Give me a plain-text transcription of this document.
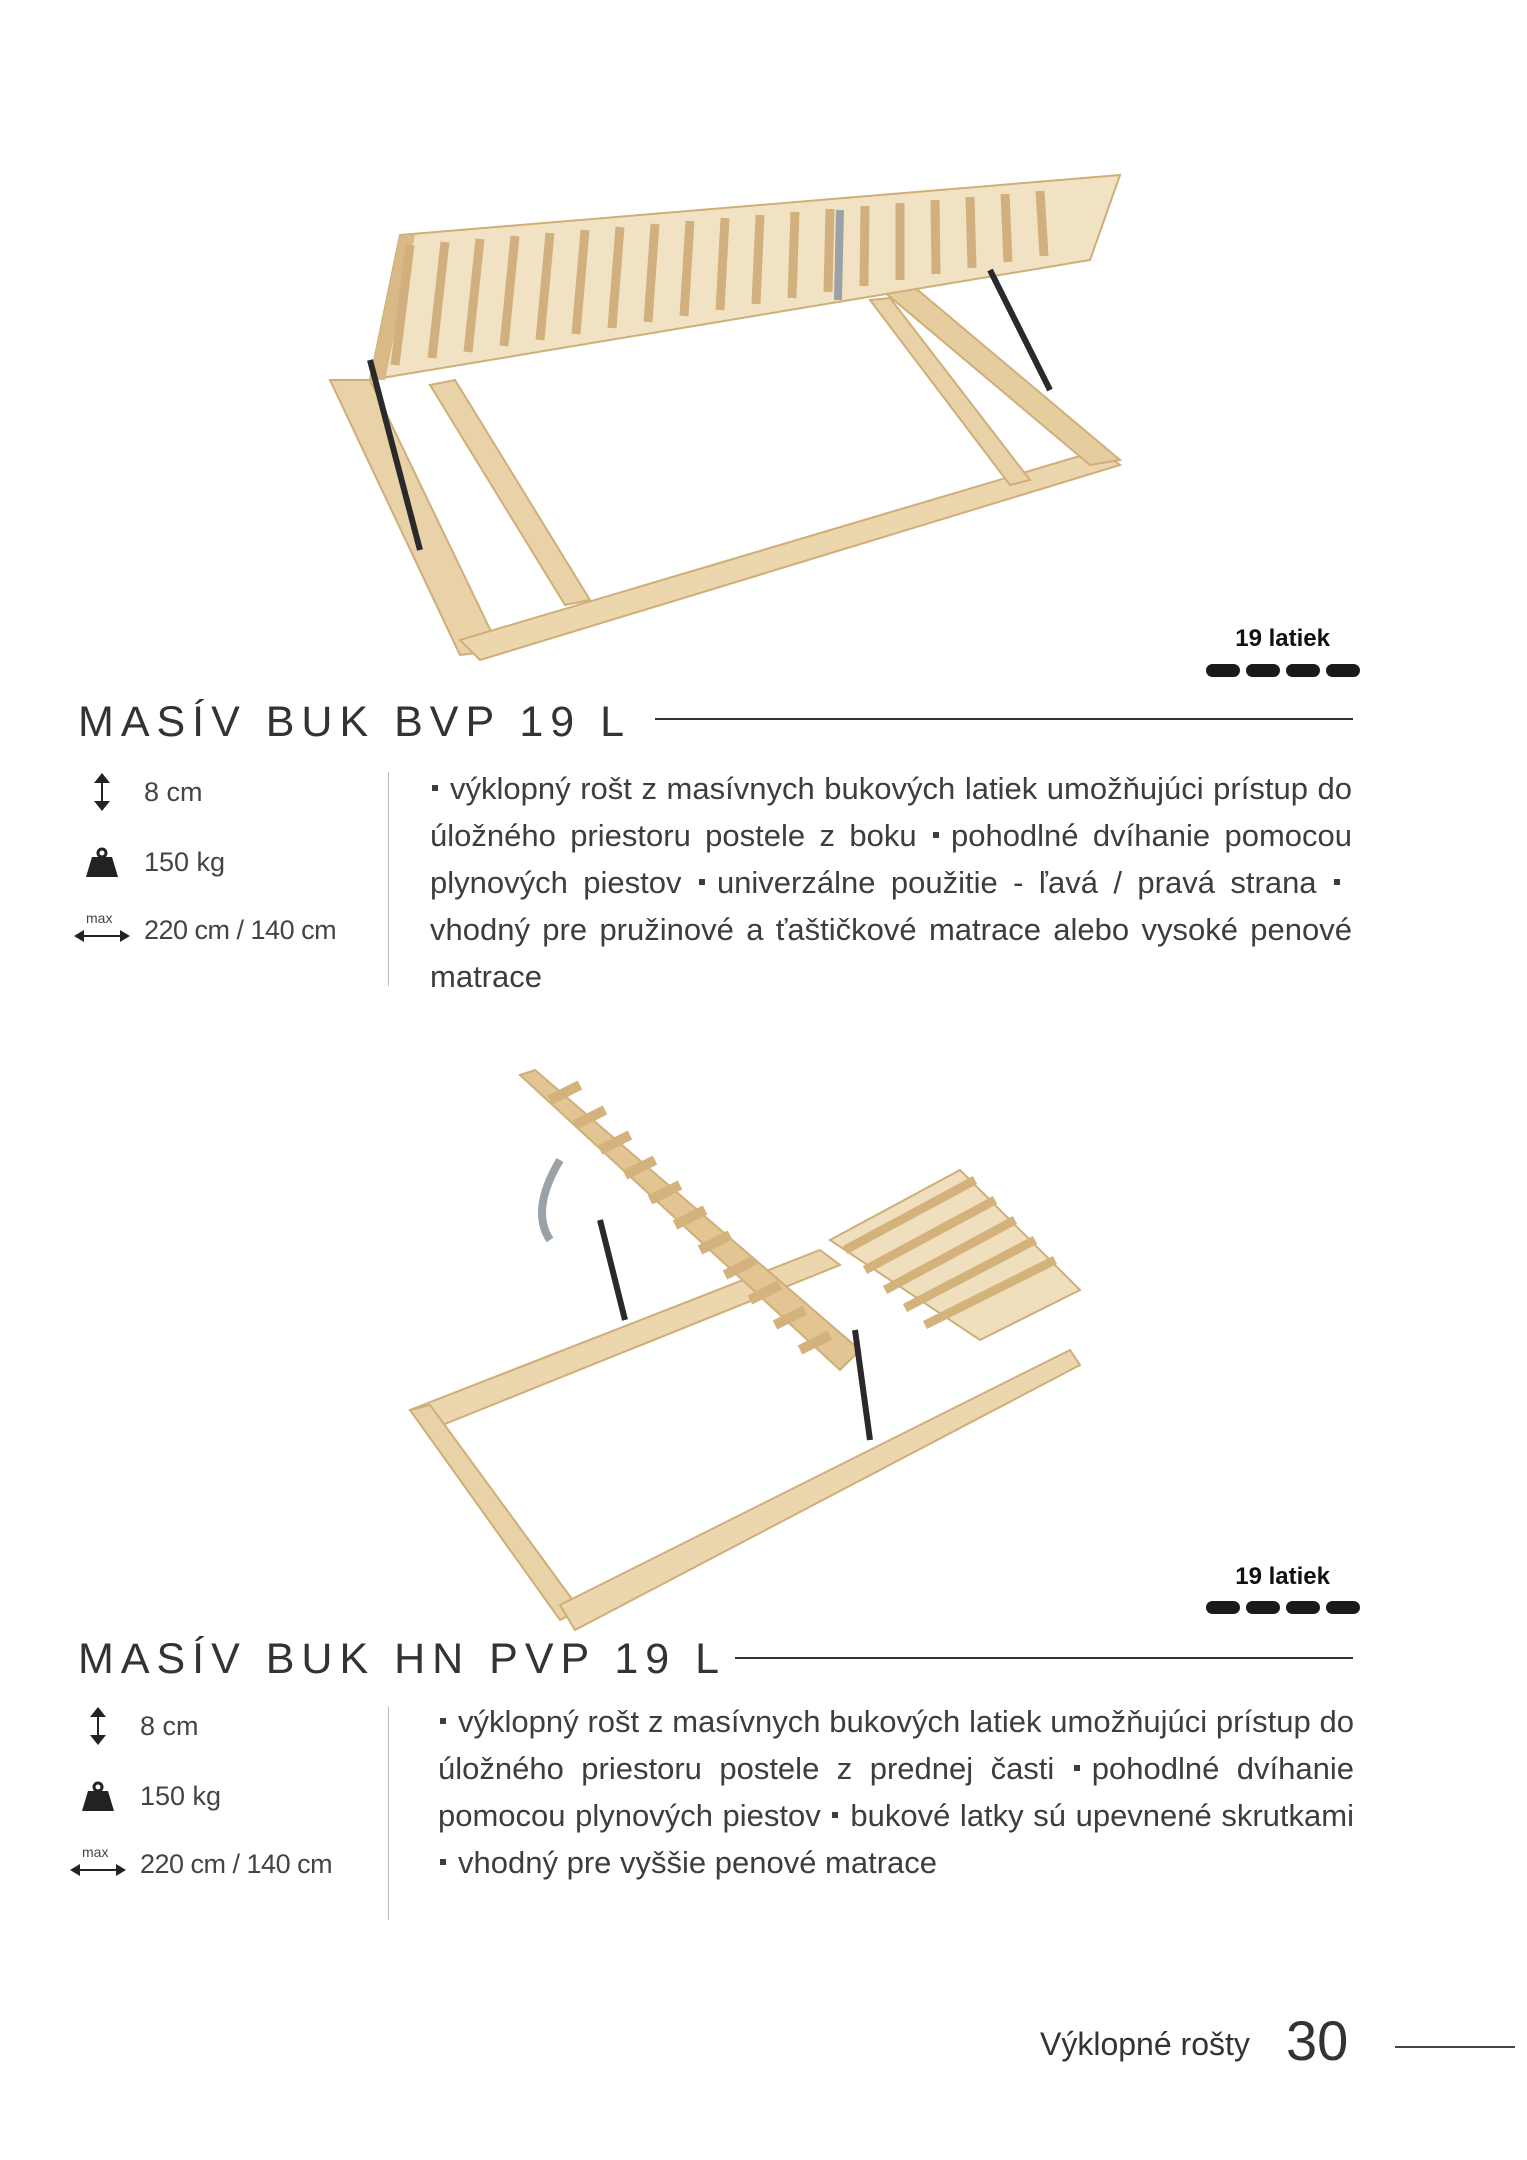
19 latiek
MASÍV BUK BVP 19 L
8 cm
150 kg
max 220 cm / 140 cm

výklopný rošt z masívnych bukových latiek umožňujúci prístup do úložného priestoru postele z boku pohodlné dvíhanie pomocou plynových piestov univerzálne použitie - ľavá / pravá strana vhodný pre pružinové a ťaštičkové matrace alebo vysoké penové matrace

19 latiek
MASÍV BUK HN PVP 19 L
8 cm
150 kg
max 220 cm / 140 cm

výklopný rošt z masívnych bukových latiek umožňujúci prístup do úložného priestoru postele z prednej časti pohodlné dvíhanie pomocou plynových piestov bukové latky sú upevnené skrutkami vhodný pre vyššie penové matrace

Výklopné rošty 30
